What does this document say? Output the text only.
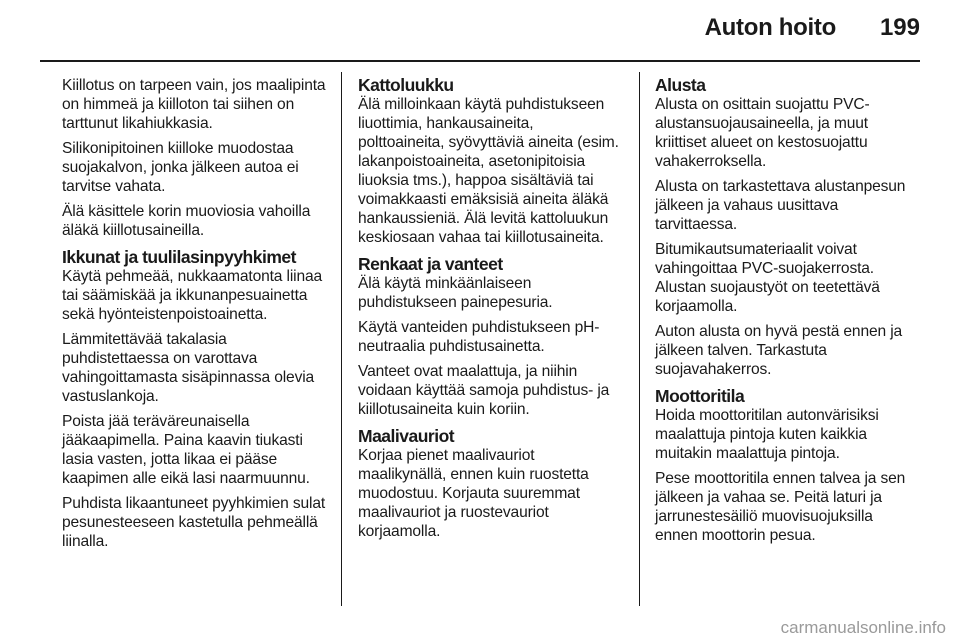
Auton hoito 199

Kiillotus on tarpeen vain, jos maalipinta on himmeä ja kiilloton tai siihen on tarttunut likahiukkasia.

Silikonipitoinen kiilloke muodostaa suojakalvon, jonka jälkeen autoa ei tarvitse vahata.

Älä käsittele korin muoviosia vahoilla äläkä kiillotusaineilla.

Ikkunat ja tuulilasinpyyhkimet

Käytä pehmeää, nukkaamatonta liinaa tai säämiskää ja ikkunanpesuainetta sekä hyönteistenpoistoainetta.

Lämmitettävää takalasia puhdistettaessa on varottava vahingoittamasta sisäpinnassa olevia vastuslankoja.

Poista jää teräväreunaisella jääkaapimella. Paina kaavin tiukasti lasia vasten, jotta likaa ei pääse kaapimen alle eikä lasi naarmuunnu.

Puhdista likaantuneet pyyhkimien sulat pesunesteeseen kastetulla pehmeällä liinalla.

Kattoluukku

Älä milloinkaan käytä puhdistukseen liuottimia, hankausaineita, polttoaineita, syövyttäviä aineita (esim. lakanpoistoaineita, asetonipitoisia liuoksia tms.), happoa sisältäviä tai voimakkaasti emäksisiä aineita äläkä hankaussieniä. Älä levitä kattoluukun keskiosaan vahaa tai kiillotusaineita.

Renkaat ja vanteet

Älä käytä minkäänlaiseen puhdistukseen painepesuria.

Käytä vanteiden puhdistukseen pH-neutraalia puhdistusainetta.

Vanteet ovat maalattuja, ja niihin voidaan käyttää samoja puhdistus- ja kiillotusaineita kuin koriin.

Maalivauriot

Korjaa pienet maalivauriot maalikynällä, ennen kuin ruostetta muodostuu. Korjauta suuremmat maalivauriot ja ruostevauriot korjaamolla.

Alusta

Alusta on osittain suojattu PVC-alustansuojausaineella, ja muut kriittiset alueet on kestosuojattu vahakerroksella.

Alusta on tarkastettava alustanpesun jälkeen ja vahaus uusittava tarvittaessa.

Bitumikautsumateriaalit voivat vahingoittaa PVC-suojakerrosta. Alustan suojaustyöt on teetettävä korjaamolla.

Auton alusta on hyvä pestä ennen ja jälkeen talven. Tarkastuta suojavahakerros.

Moottoritila

Hoida moottoritilan autonvärisiksi maalattuja pintoja kuten kaikkia muitakin maalattuja pintoja.

Pese moottoritila ennen talvea ja sen jälkeen ja vahaa se. Peitä laturi ja jarrunestesäiliö muovisuojuksilla ennen moottorin pesua.

carmanualsonline.info
